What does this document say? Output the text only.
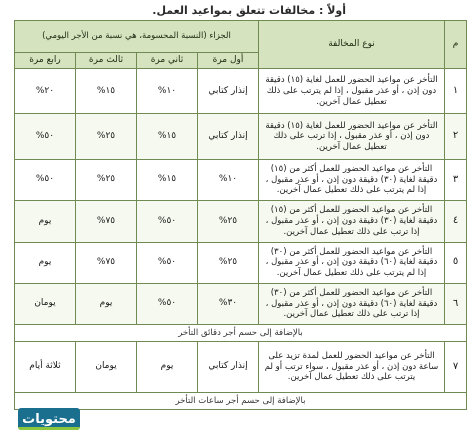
أولاً : مخالفات تتعلق بمواعيد العمل.
م	نوع المخالفة	الجزاء (النسبة المحسومة، هي نسبة من الأجر اليومي)			
		أول مرة	ثاني مرة	ثالث مرة	رابع مرة
١	التأخر عن مواعيد الحضور للعمل لغاية (١٥) دقيقة دون إذن ، أو عذر مقبول ، إذا لم يترتب على ذلك تعطيل عمال آخرين.	إنذار كتابي	١٠%	١٥%	٢٠%
٢	التأخر عن مواعيد الحضور للعمل لغاية (١٥) دقيقة دون إذن ، أو عذر مقبول ، إذا ترتب على ذلك تعطيل عمال آخرين.	إنذار كتابي	١٥%	٢٥%	٥٠%
٣	التأخر عن مواعيد الحضور للعمل أكثر من (١٥) دقيقة لغاية (٣٠) دقيقة دون إذن ، أو عذر مقبول ، إذا لم يترتب على ذلك تعطيل عمال آخرين.	١٠%	١٥%	٢٥%	٥٠%
٤	التأخر عن مواعيد الحضور للعمل أكثر من (١٥) دقيقة لغاية (٣٠) دقيقة دون إذن ، أو عذر مقبول ، إذا ترتب على ذلك تعطيل عمال آخرين.	٢٥%	٥٠%	٧٥%	يوم
٥	التأخر عن مواعيد الحضور للعمل أكثر من (٣٠) دقيقة لغاية (٦٠) دقيقة دون إذن ، أو عذر مقبول ، إذا لم يترتب على ذلك تعطيل عمال آخرين.	٢٥%	٥٠%	٧٥%	يوم
٦	التأخر عن مواعيد الحضور للعمل أكثر من (٣٠) دقيقة لغاية (٦٠) دقيقة دون إذن ، أو عذر مقبول ، إذا ترتب على ذلك تعطيل عمال آخرين.	٣٠%	٥٠%	يوم	يومان
بالإضافة إلى حسم أجر دقائق التأخر					
٧	التأخر عن مواعيد الحضور للعمل لمدة تزيد على ساعة دون إذن ، أو عذر مقبول ، سواء ترتب أو لم يترتب على ذلك تعطيل عمال آخرين.	إنذار كتابي	يوم	يومان	ثلاثة أيام
بالإضافة إلى حسم أجر ساعات التأخر					
محتويات
